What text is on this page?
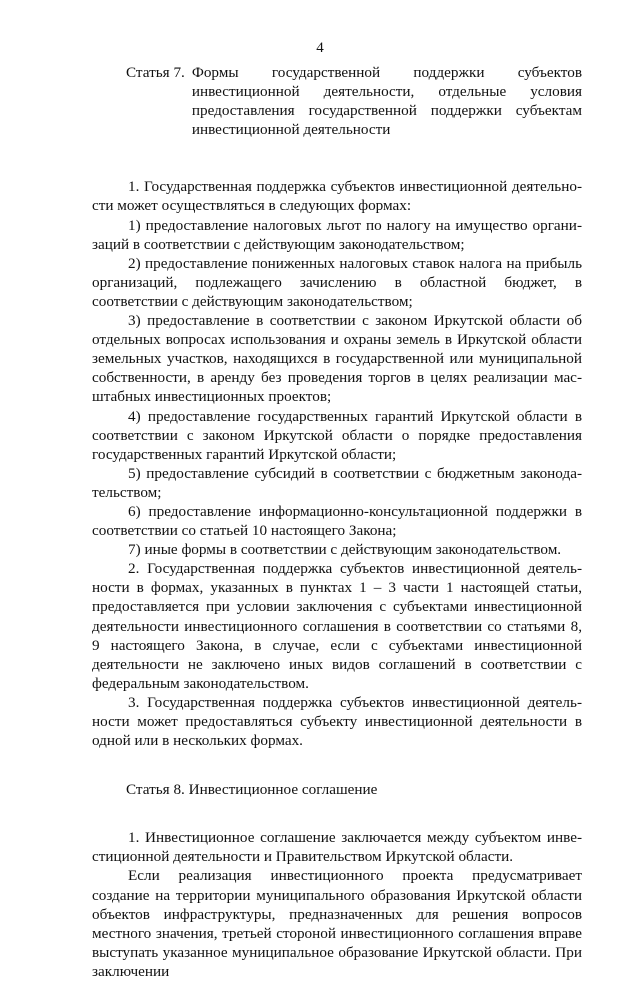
4
Статья 7. Формы государственной поддержки субъектов инвестиционной деятельности, отдельные условия предоставления государственной поддержки субъектам инвестиционной деятельности

1. Государственная поддержка субъектов инвестиционной деятельности может осуществляться в следующих формах:

1) предоставление налоговых льгот по налогу на имущество организаций в соответствии с действующим законодательством;

2) предоставление пониженных налоговых ставок налога на прибыль организаций, подлежащего зачислению в областной бюджет, в соответствии с действующим законодательством;

3) предоставление в соответствии с законом Иркутской области об отдельных вопросах использования и охраны земель в Иркутской области земельных участков, находящихся в государственной или муниципальной собственности, в аренду без проведения торгов в целях реализации масштабных инвестиционных проектов;

4) предоставление государственных гарантий Иркутской области в соответствии с законом Иркутской области о порядке предоставления государственных гарантий Иркутской области;

5) предоставление субсидий в соответствии с бюджетным законодательством;

6) предоставление информационно-консультационной поддержки в соответствии со статьей 10 настоящего Закона;

7) иные формы в соответствии с действующим законодательством.

2. Государственная поддержка субъектов инвестиционной деятельности в формах, указанных в пунктах 1 – 3 части 1 настоящей статьи, предоставляется при условии заключения с субъектами инвестиционной деятельности инвестиционного соглашения в соответствии со статьями 8, 9 настоящего Закона, в случае, если с субъектами инвестиционной деятельности не заключено иных видов соглашений в соответствии с федеральным законодательством.

3. Государственная поддержка субъектов инвестиционной деятельности может предоставляться субъекту инвестиционной деятельности в одной или в нескольких формах.

Статья 8. Инвестиционное соглашение

1. Инвестиционное соглашение заключается между субъектом инвестиционной деятельности и Правительством Иркутской области.

Если реализация инвестиционного проекта предусматривает создание на территории муниципального образования Иркутской области объектов инфраструктуры, предназначенных для решения вопросов местного значения, третьей стороной инвестиционного соглашения вправе выступать указанное муниципальное образование Иркутской области. При заключении
